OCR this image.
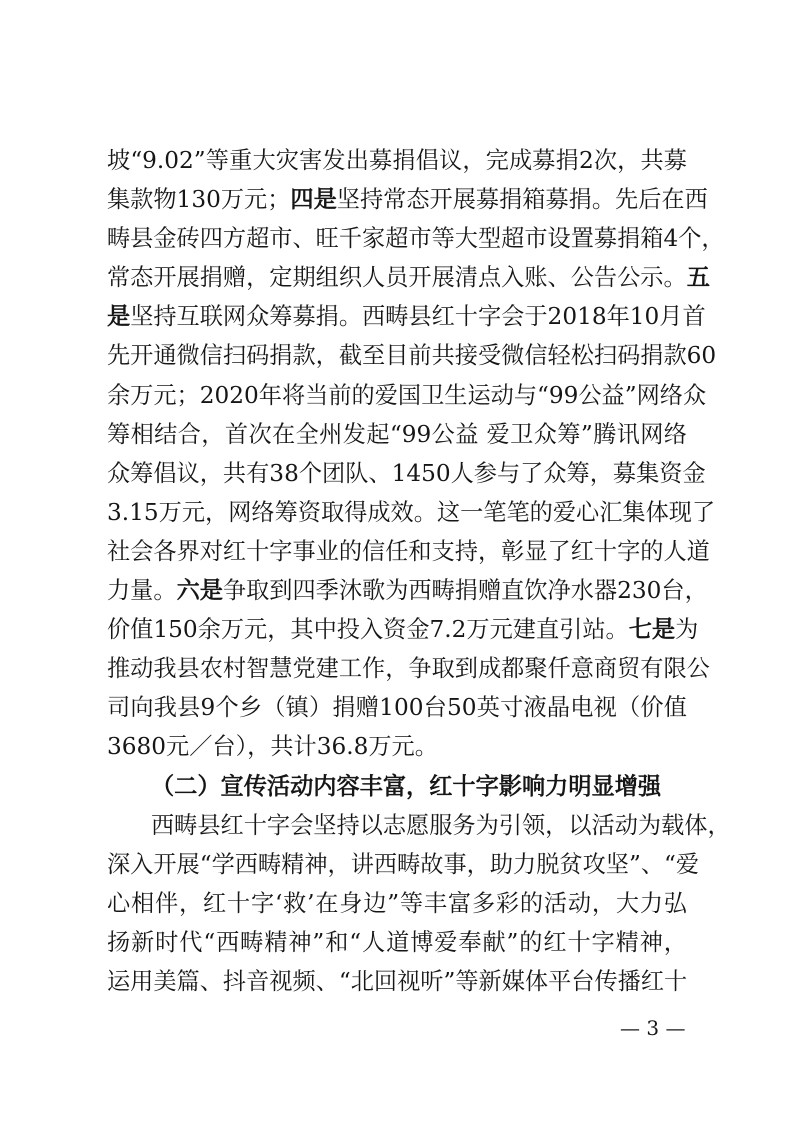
坡“9.02”等重大灾害发出募捐倡议，完成募捐2次，共募
集款物130万元；四是坚持常态开展募捐箱募捐。先后在西
畴县金砖四方超市、旺千家超市等大型超市设置募捐箱4个，
常态开展捐赠，定期组织人员开展清点入账、公告公示。五
是坚持互联网众筹募捐。西畴县红十字会于2018年10月首
先开通微信扫码捐款，截至目前共接受微信轻松扫码捐款60
余万元；2020年将当前的爱国卫生运动与“99公益”网络众
筹相结合，首次在全州发起“99公益 爱卫众筹”腾讯网络
众筹倡议，共有38个团队、1450人参与了众筹，募集资金
3.15万元，网络筹资取得成效。这一笔笔的爱心汇集体现了
社会各界对红十字事业的信任和支持，彰显了红十字的人道
力量。六是争取到四季沐歌为西畴捐赠直饮净水器230台，
价值150余万元，其中投入资金7.2万元建直引站。七是为
推动我县农村智慧党建工作，争取到成都聚仟意商贸有限公
司向我县9个乡（镇）捐赠100台50英寸液晶电视（价值
3680元／台），共计36.8万元。
（二）宣传活动内容丰富，红十字影响力明显增强
西畴县红十字会坚持以志愿服务为引领，以活动为载体，
深入开展“学西畴精神，讲西畴故事，助力脱贫攻坚”、“爱
心相伴，红十字‘救’在身边”等丰富多彩的活动，大力弘
扬新时代“西畴精神”和“人道博爱奉献”的红十字精神，
运用美篇、抖音视频、“北回视听”等新媒体平台传播红十
— 3 —
